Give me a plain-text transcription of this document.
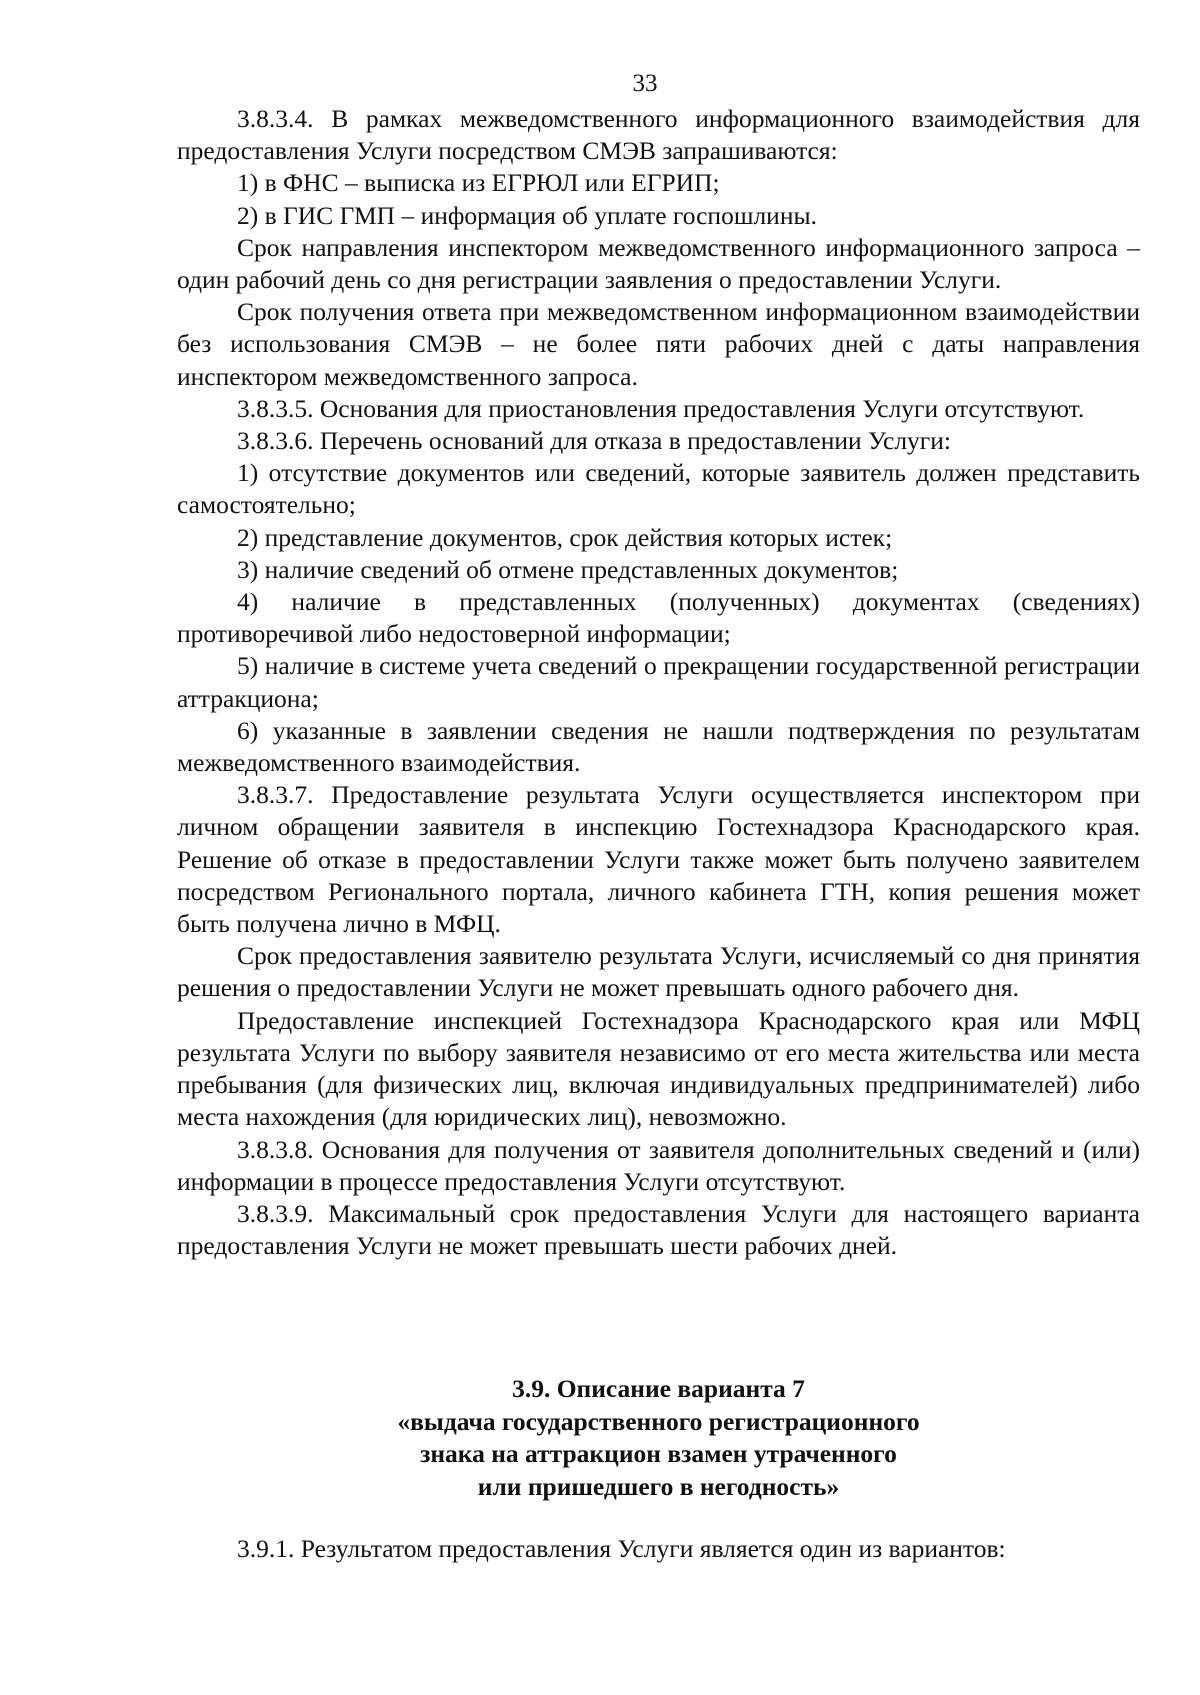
33

3.8.3.4. В рамках межведомственного информационного взаимодействия для предоставления Услуги посредством СМЭВ запрашиваются:

1) в ФНС – выписка из ЕГРЮЛ или ЕГРИП;

2) в ГИС ГМП – информация об уплате госпошлины.

Срок направления инспектором межведомственного информационного запроса – один рабочий день со дня регистрации заявления о предоставлении Услуги.

Срок получения ответа при межведомственном информационном взаимодействии без использования СМЭВ – не более пяти рабочих дней с даты направления инспектором межведомственного запроса.

3.8.3.5. Основания для приостановления предоставления Услуги отсутствуют.

3.8.3.6. Перечень оснований для отказа в предоставлении Услуги:

1) отсутствие документов или сведений, которые заявитель должен представить самостоятельно;

2) представление документов, срок действия которых истек;

3) наличие сведений об отмене представленных документов;

4) наличие в представленных (полученных) документах (сведениях) противоречивой либо недостоверной информации;

5) наличие в системе учета сведений о прекращении государственной регистрации аттракциона;

6) указанные в заявлении сведения не нашли подтверждения по результатам межведомственного взаимодействия.

3.8.3.7. Предоставление результата Услуги осуществляется инспектором при личном обращении заявителя в инспекцию Гостехнадзора Краснодарского края. Решение об отказе в предоставлении Услуги также может быть получено заявителем посредством Регионального портала, личного кабинета ГТН, копия решения может быть получена лично в МФЦ.

Срок предоставления заявителю результата Услуги, исчисляемый со дня принятия решения о предоставлении Услуги не может превышать одного рабочего дня.

Предоставление инспекцией Гостехнадзора Краснодарского края или МФЦ результата Услуги по выбору заявителя независимо от его места жительства или места пребывания (для физических лиц, включая индивидуальных предпринимателей) либо места нахождения (для юридических лиц), невозможно.

3.8.3.8. Основания для получения от заявителя дополнительных сведений и (или) информации в процессе предоставления Услуги отсутствуют.

3.8.3.9. Максимальный срок предоставления Услуги для настоящего варианта предоставления Услуги не может превышать шести рабочих дней.

3.9. Описание варианта 7
«выдача государственного регистрационного
знака на аттракцион взамен утраченного
или пришедшего в негодность»

3.9.1. Результатом предоставления Услуги является один из вариантов:
